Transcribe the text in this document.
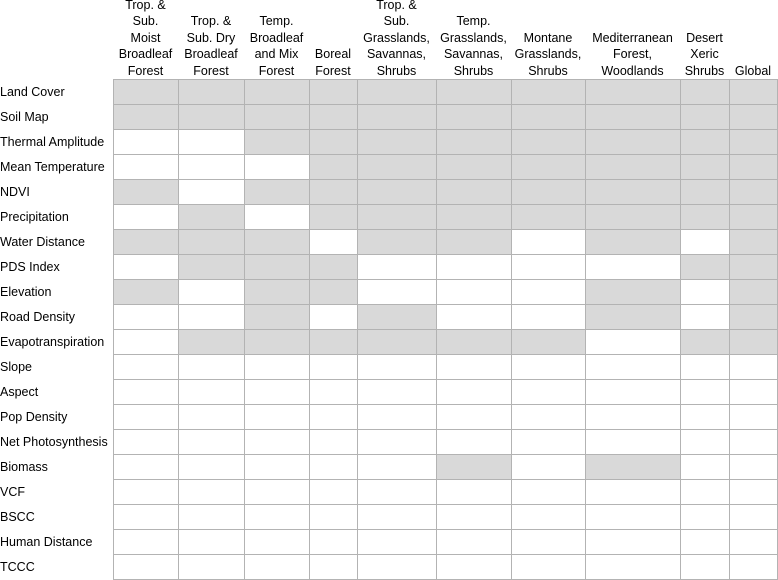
Trop. &
Sub.
Moist
Broadleaf
Forest
Trop. &
Sub. Dry
Broadleaf
Forest
Temp.
Broadleaf
and Mix
Forest
Boreal
Forest
Trop. &
Sub.
Grasslands,
Savannas,
Shrubs
Temp.
Grasslands,
Savannas,
Shrubs
Montane
Grasslands,
Shrubs
Mediterranean
Forest,
Woodlands
Desert
Xeric
Shrubs Global
Land Cover
Soil Map
Thermal Amplitude
Mean Temperature
NDVI
Precipitation
Water Distance
PDS Index
Elevation
Road Density
Evapotranspiration
Slope
Aspect
Pop Density
Net Photosynthesis
Biomass
VCF
BSCC
Human Distance
TCCC
